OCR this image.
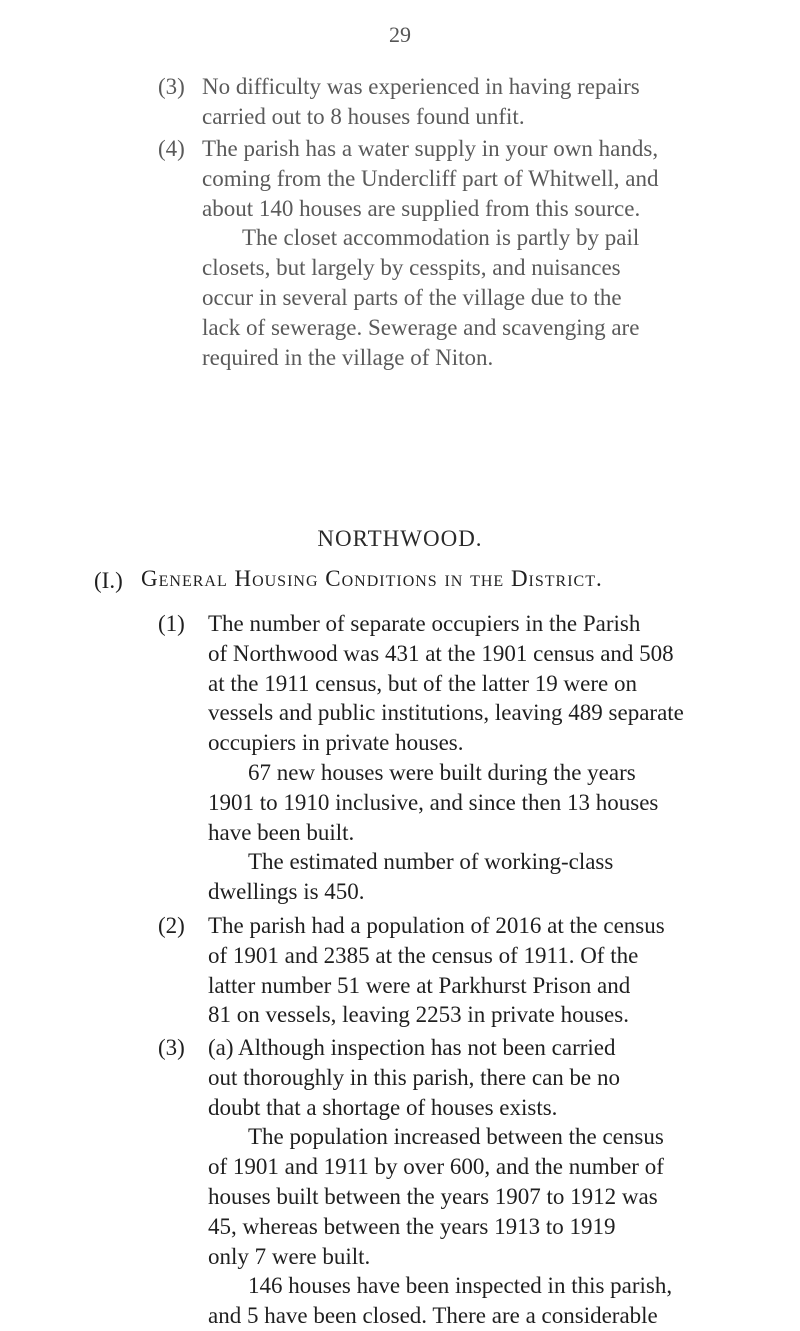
29
(3) No difficulty was experienced in having repairs
carried out to 8 houses found unfit.
(4) The parish has a water supply in your own hands,
coming from the Undercliff part of Whitwell, and
about 140 houses are supplied from this source.
The closet accommodation is partly by pail
closets, but largely by cesspits, and nuisances
occur in several parts of the village due to the
lack of sewerage. Sewerage and scavenging are
required in the village of Niton.
NORTHWOOD.
(I.) General Housing Conditions in the District.
(1) The number of separate occupiers in the Parish
of Northwood was 431 at the 1901 census and 508
at the 1911 census, but of the latter 19 were on
vessels and public institutions, leaving 489 separate
occupiers in private houses.
67 new houses were built during the years
1901 to 1910 inclusive, and since then 13 houses
have been built.
The estimated number of working-class
dwellings is 450.
(2) The parish had a population of 2016 at the census
of 1901 and 2385 at the census of 1911. Of the
latter number 51 were at Parkhurst Prison and
81 on vessels, leaving 2253 in private houses.
(3) (a) Although inspection has not been carried
out thoroughly in this parish, there can be no
doubt that a shortage of houses exists.
The population increased between the census
of 1901 and 1911 by over 600, and the number of
houses built between the years 1907 to 1912 was
45, whereas between the years 1913 to 1919
only 7 were built.
146 houses have been inspected in this parish,
and 5 have been closed. There are a considerable
